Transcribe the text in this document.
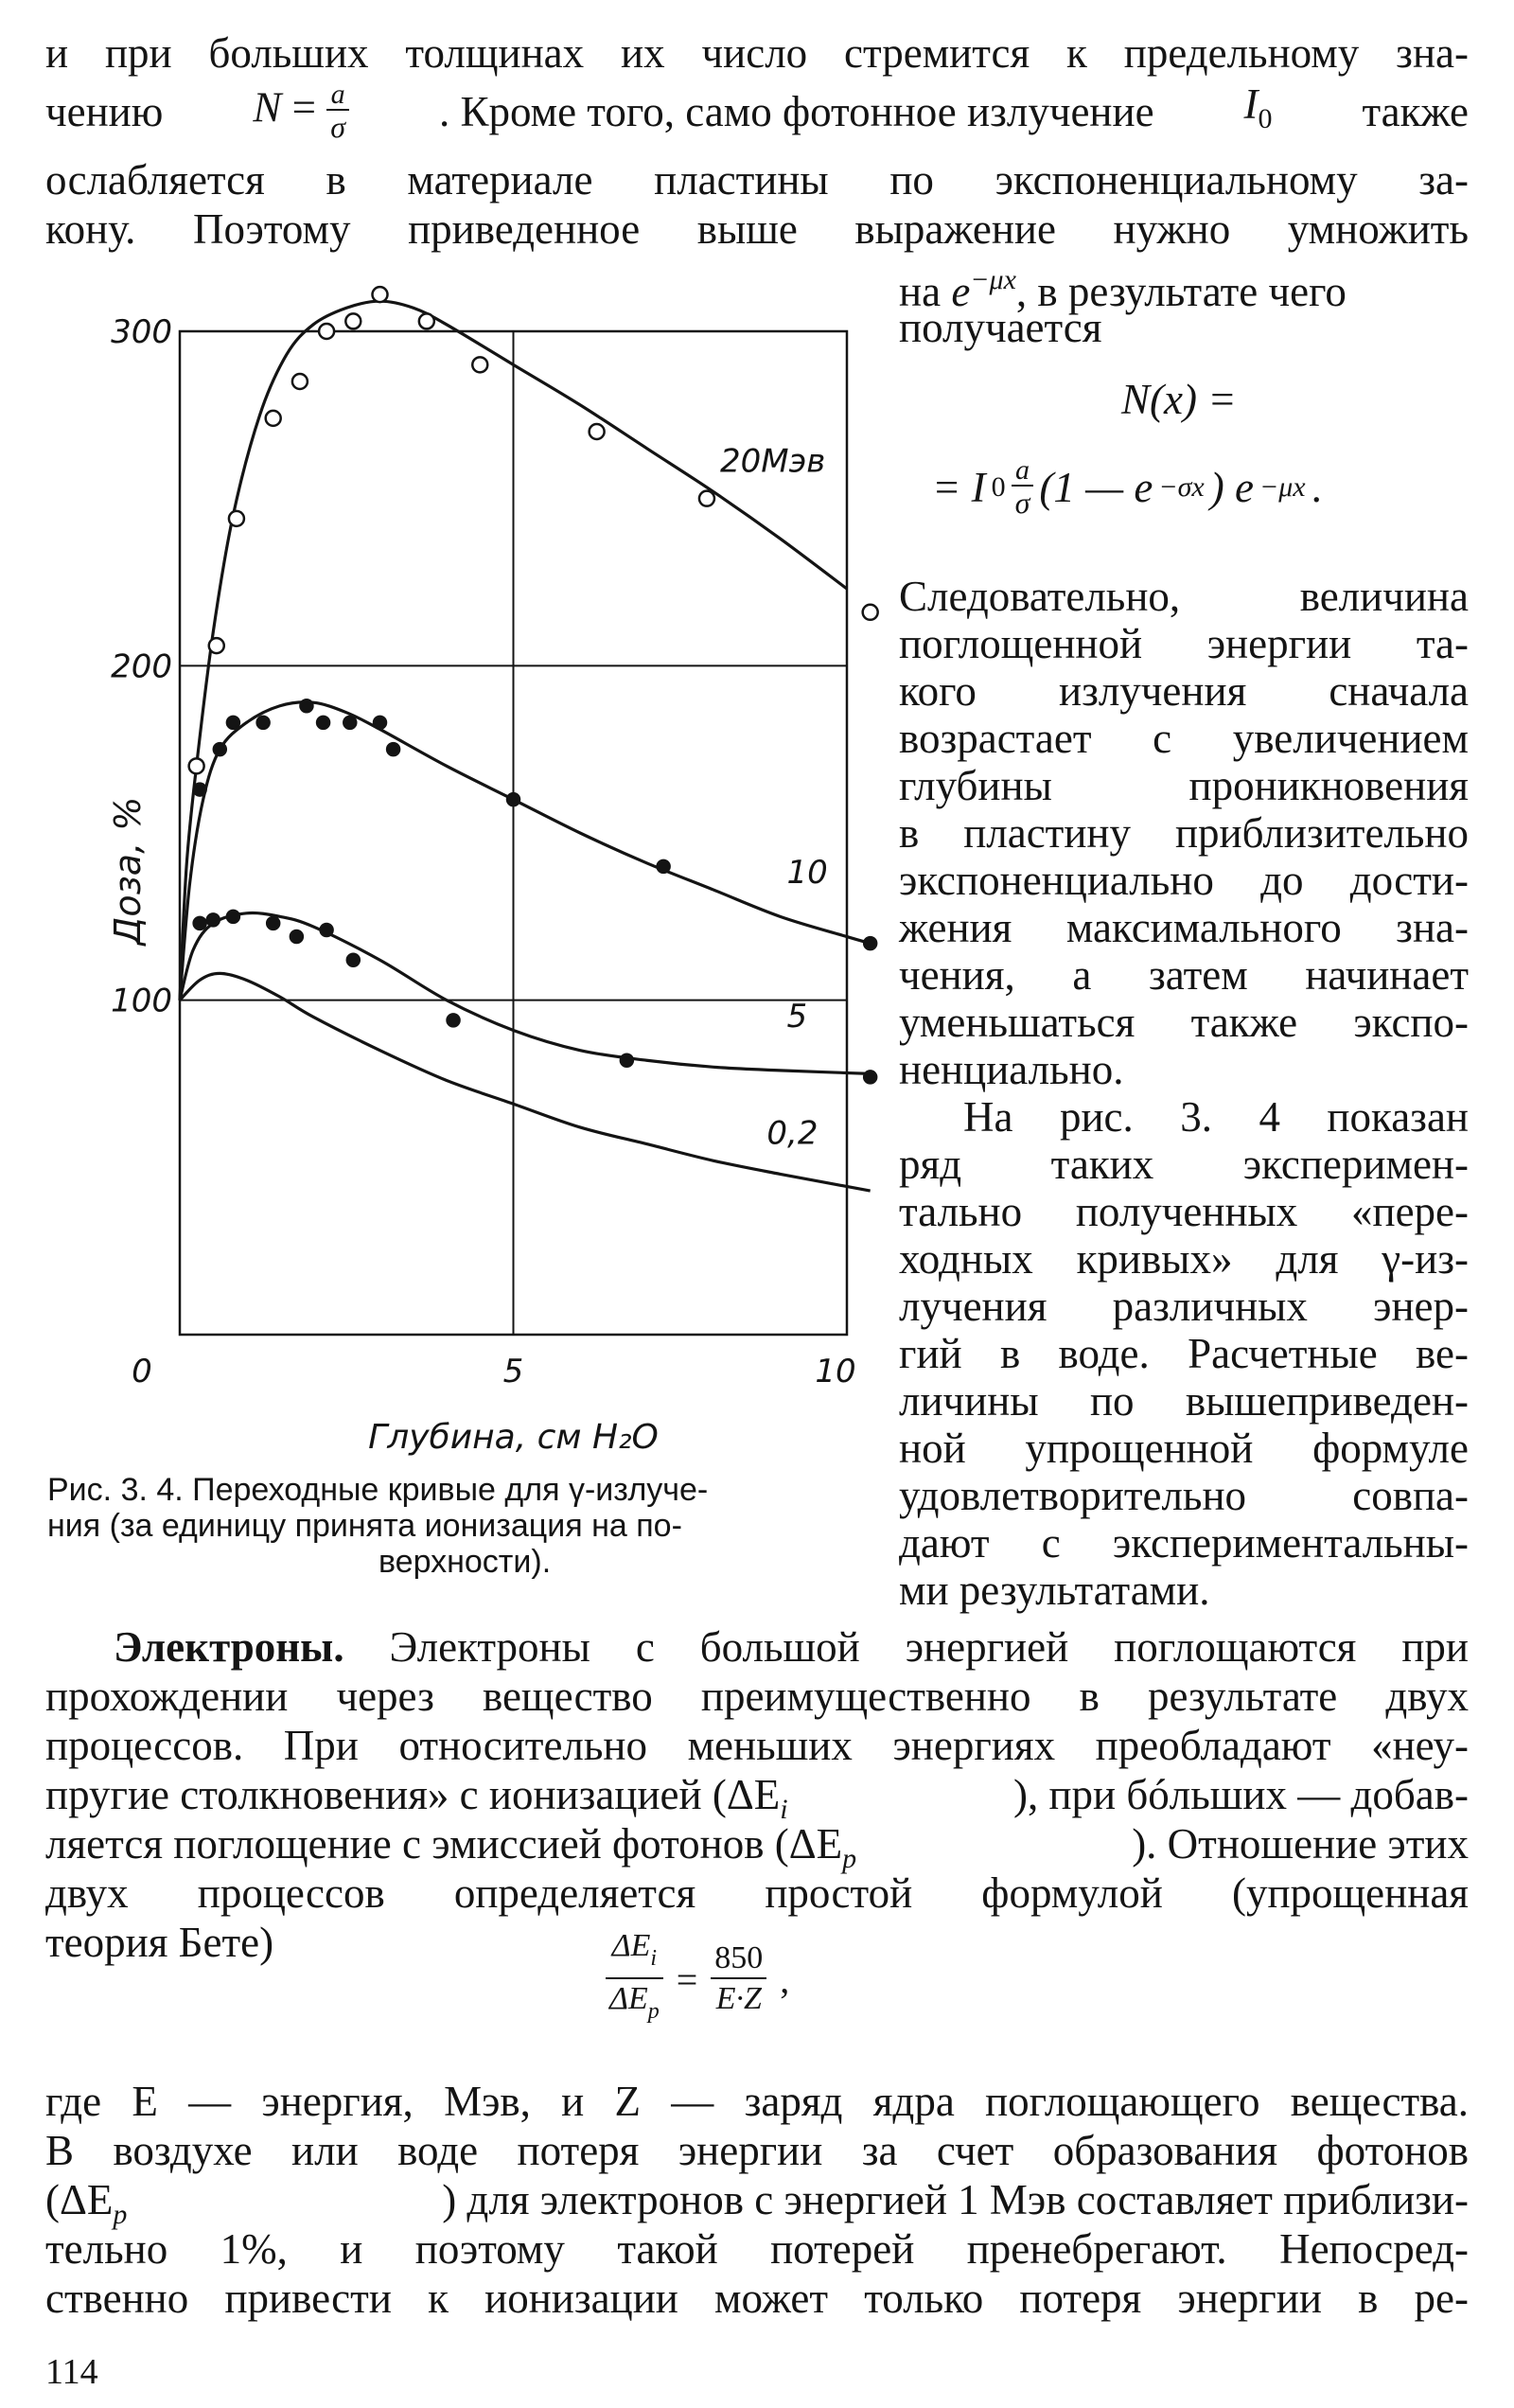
и при больших толщинах их число стремится к предельному зна-
чению $N = \frac{a}{\sigma}$ . Кроме того, само фотонное излучение $I_0$ также
ослабляется в материале пластины по экспоненциальному за-
кону. Поэтому приведенное выше выражение нужно умножить
на $e^{-\mu x}$, в результате чего
получается
N(x) =
= I $0 \frac{a}{\sigma} (1$ — e −σx ) e −μx .
Следовательно, величина
поглощенной энергии та-
кого излучения сначала
возрастает с увеличением
глубины проникновения
в пластину приблизительно
экспоненциально до дости-
жения максимального зна-
чения, а затем начинает
уменьшаться также экспо-
ненциально.
На рис. 3. 4 показан
ряд таких эксперимен-
тально полученных «пере-
ходных кривых» для γ-из-
лучения различных энер-
гий в воде. Расчетные ве-
личины по вышеприведен-
ной упрощенной формуле
удовлетворительно совпа-
дают с экспериментальны-
ми результатами.
100
200
300
0	5	10
Глубина, см H₂O
Доза, %
20Мэв
10
5
0,2
Рис. 3. 4. Переходные кривые для γ-излуче-
ния (за единицу принята ионизация на по-
верхности).
Электроны. Электроны с большой энергией поглощаются при
прохождении через вещество преимущественно в результате двух
процессов. При относительно меньших энергиях преобладают «неу-
пругие столкновения» с ионизацией ($\Delta E_i$	), при бóльших — добав-
ляется поглощение с эмиссией фотонов ($\Delta E_p$	). Отношение этих
двух процессов определяется простой формулой (упрощенная
теория Бете)	$\frac{\Delta E_i}{\Delta E_p} = \frac{850}{E\cdot Z}$ ,
где E — энергия, Мэв, и Z — заряд ядра поглощающего вещества.
В воздухе или воде потеря энергии за счет образования фотонов
($\Delta E_p$	) для электронов с энергией 1 Мэв составляет приблизи-
тельно 1%, и поэтому такой потерей пренебрегают. Непосред-
ственно привести к ионизации может только потеря энергии в ре-
114
